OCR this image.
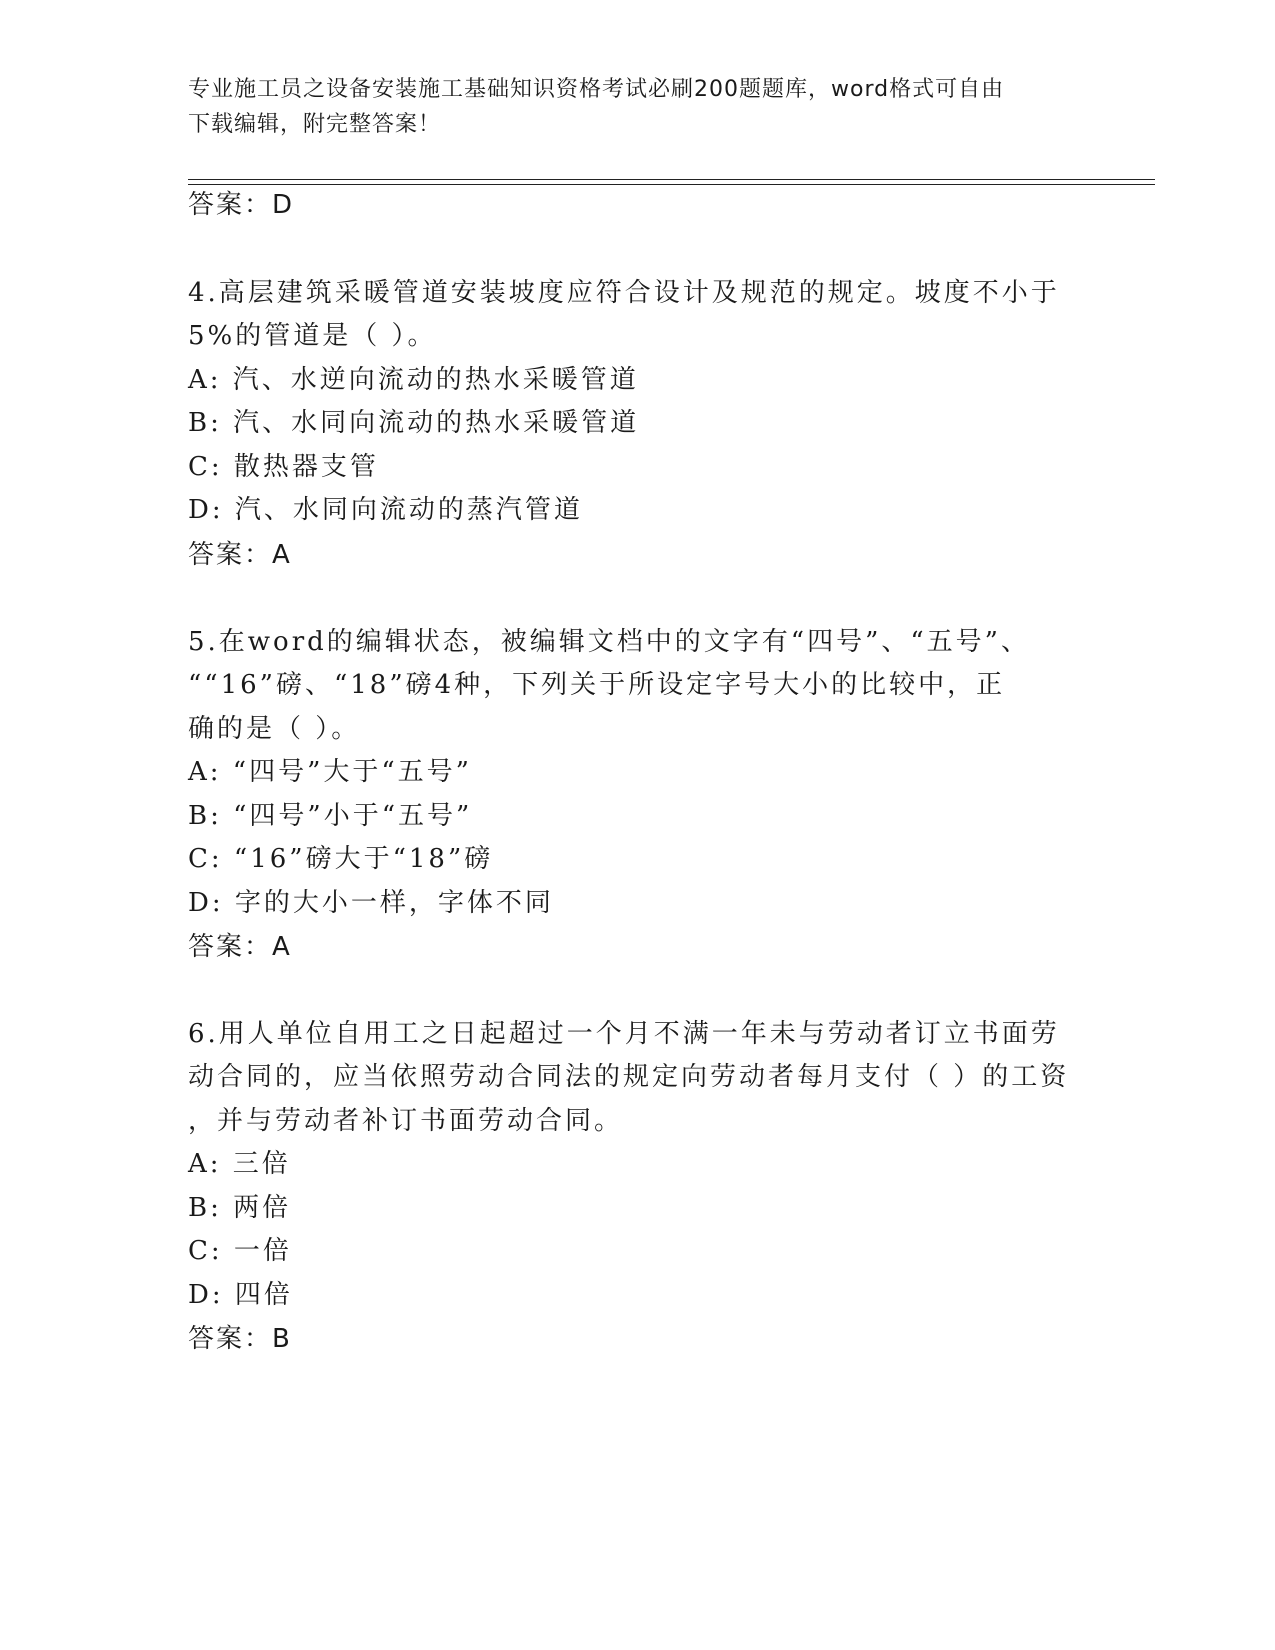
专业施工员之设备安装施工基础知识资格考试必刷200题题库，word格式可自由
下载编辑，附完整答案！
答案：D
4.高层建筑采暖管道安装坡度应符合设计及规范的规定。坡度不小于
5%的管道是（ ）。
A: 汽、水逆向流动的热水采暖管道
B: 汽、水同向流动的热水采暖管道
C: 散热器支管
D: 汽、水同向流动的蒸汽管道
答案：A
5.在word的编辑状态，被编辑文档中的文字有“四号”、“五号”、
““16”磅、“18”磅4种，下列关于所设定字号大小的比较中，正
确的是（ ）。
A: “四号”大于“五号”
B: “四号”小于“五号”
C: “16”磅大于“18”磅
D: 字的大小一样，字体不同
答案：A
6.用人单位自用工之日起超过一个月不满一年未与劳动者订立书面劳
动合同的，应当依照劳动合同法的规定向劳动者每月支付（ ）的工资
，并与劳动者补订书面劳动合同。
A: 三倍
B: 两倍
C: 一倍
D: 四倍
答案：B
